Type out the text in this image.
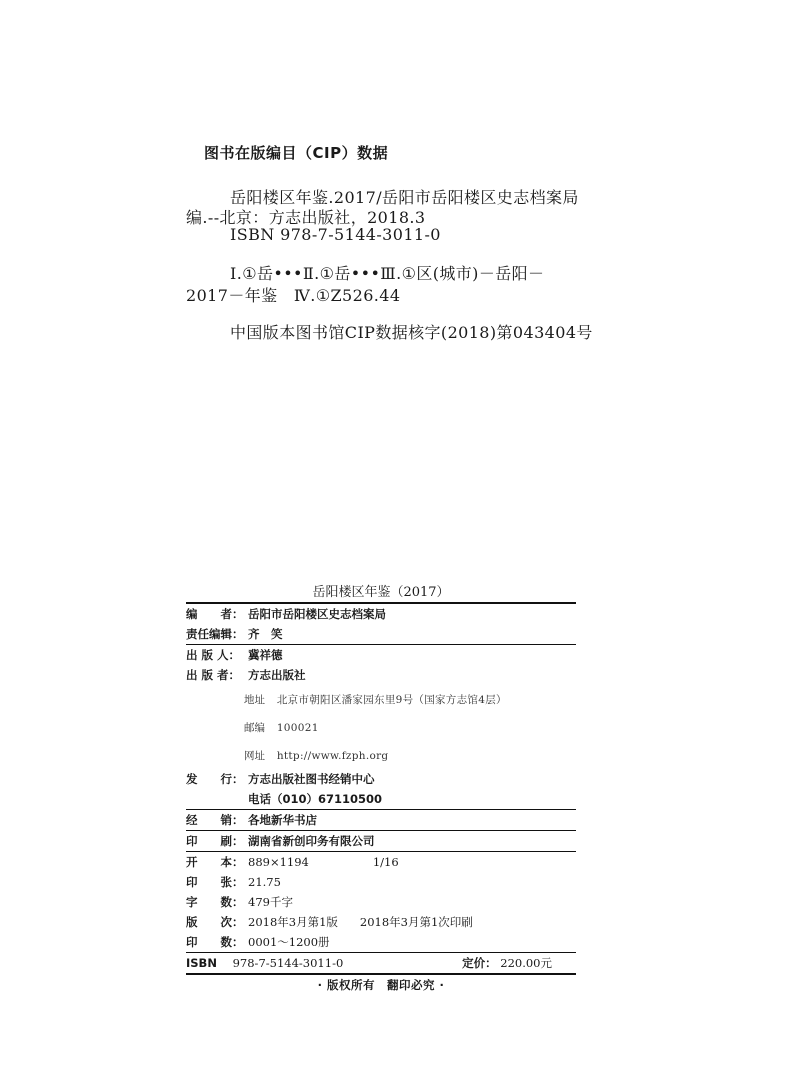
图书在版编目（CIP）数据
岳阳楼区年鉴.2017/岳阳市岳阳楼区史志档案局
编.--北京：方志出版社，2018.3
ISBN 978-7-5144-3011-0
Ⅰ.①岳•••Ⅱ.①岳•••Ⅲ.①区(城市)－岳阳－
2017－年鉴　Ⅳ.①Z526.44
中国版本图书馆CIP数据核字(2018)第043404号
岳阳楼区年鉴（2017）
编　　者： 岳阳市岳阳楼区史志档案局
责任编辑： 齐　笑
出 版 人： 冀祥德
出 版 者： 方志出版社
地址 北京市朝阳区潘家园东里9号（国家方志馆4层）
邮编 100021
网址 http://www.fzph.org
发　　行： 方志出版社图书经销中心
电话（010）67110500
经　　销： 各地新华书店
印　　刷： 湖南省新创印务有限公司
开　　本： 889×1194	1/16
印　　张： 21.75
字　　数： 479千字
版　　次： 2018年3月第1版 2018年3月第1次印刷
印　　数： 0001～1200册
ISBN 978-7-5144-3011-0	定价： 220.00元
· 版权所有　翻印必究 ·
